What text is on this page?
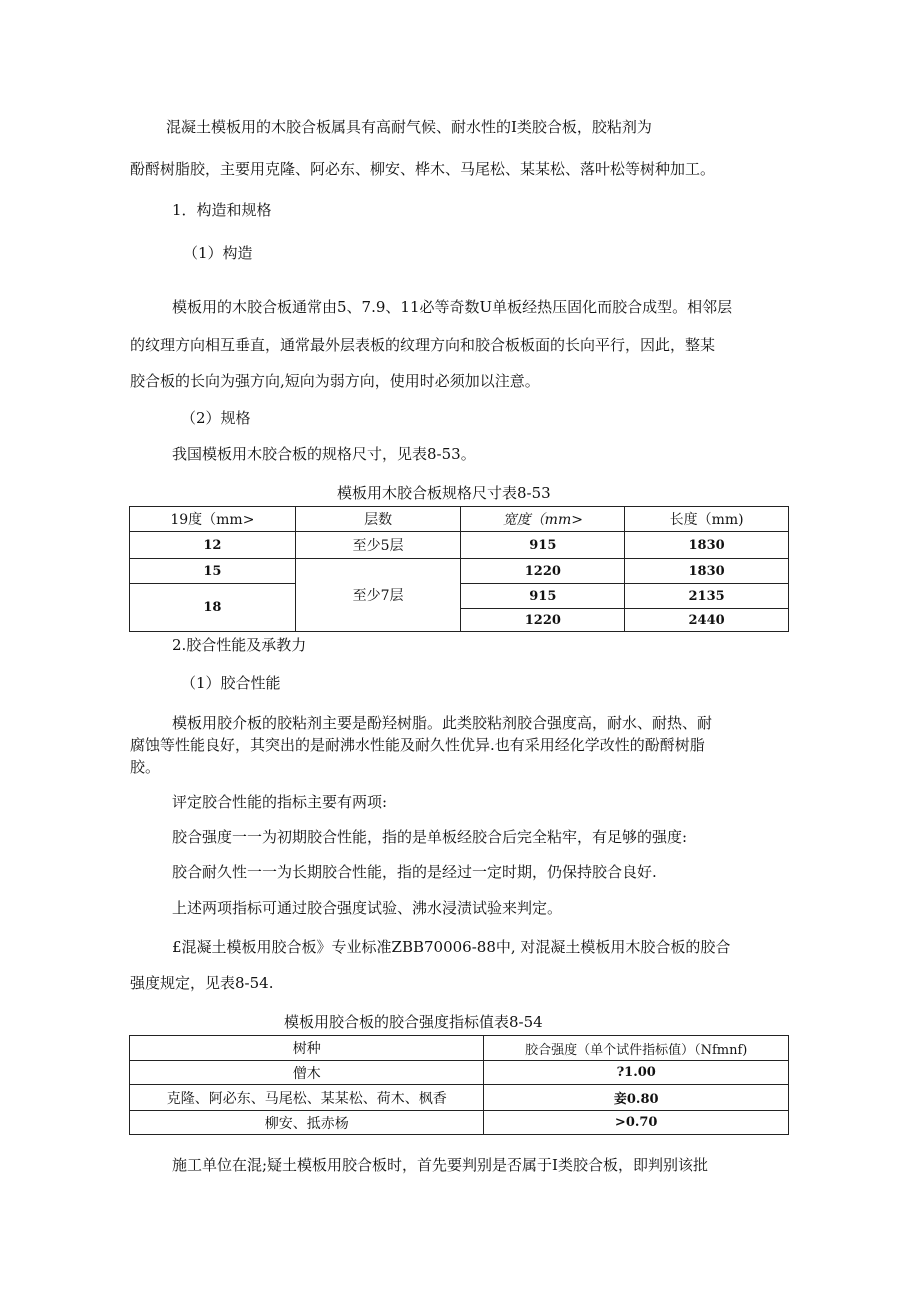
混凝土模板用的木胶合板属具有高耐气候、耐水性的I类胶合板，胶粘剂为
酚酹树脂胶，主要用克隆、阿必东、柳安、桦木、马尾松、某某松、落叶松等树种加工。
1．构造和规格
（1）构造
模板用的木胶合板通常由5、7.9、11必等奇数U单板经热压固化而胶合成型。相邻层
的纹理方向相互垂直，通常最外层表板的纹理方向和胶合板板面的长向平行，因此，整某
胶合板的长向为强方向,短向为弱方向，使用时必须加以注意。
（2）规格
我国模板用木胶合板的规格尺寸，见表8-53。
模板用木胶合板规格尺寸表8-53
19度（mm>	层数	宽度（mm>	长度（mm)
12	至少5层	915	1830
15	至少7层	1220	1830
18		915	2135
		1220	2440
2.胶合性能及承教力
（1）胶合性能
模板用胶介板的胶粘剂主要是酚羟树脂。此类胶粘剂胶合强度高，耐水、耐热、耐
腐蚀等性能良好，其突出的是耐沸水性能及耐久性优异.也有采用经化学改性的酚酹树脂
胶。
评定胶合性能的指标主要有两项:
胶合强度一一为初期胶合性能，指的是单板经胶合后完全粘牢，有足够的强度:
胶合耐久性一一为长期胶合性能，指的是经过一定时期，仍保持胶合良好.
上述两项指标可通过胶合强度试验、沸水浸渍试验来判定。
£混凝土模板用胶合板》专业标准ZBB70006-88中, 对混凝土模板用木胶合板的胶合
强度规定，见表8-54.
模板用胶合板的胶合强度指标值表8-54
树种	胶合强度（单个试件指标值）（Nfmnf)
僧木	?1.00
克隆、阿必东、马尾松、某某松、荷木、枫香	妾0.80
柳安、抵赤杨	>0.70
施工单位在混;疑土模板用胶合板时，首先要判别是否属于I类胶合板，即判别该批
